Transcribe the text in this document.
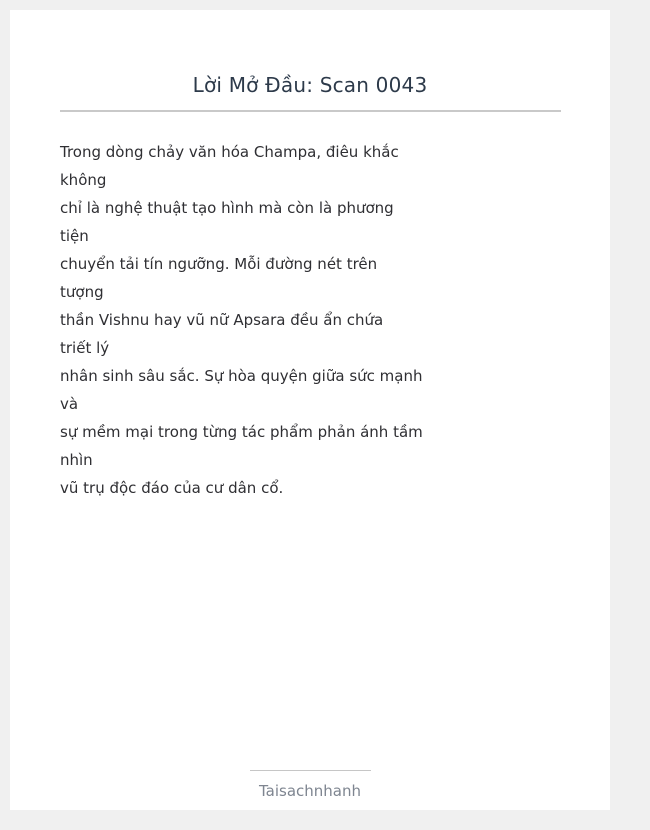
Lời Mở Đầu: Scan 0043
Trong dòng chảy văn hóa Champa, điêu khắc
không
chỉ là nghệ thuật tạo hình mà còn là phương
tiện
chuyển tải tín ngưỡng. Mỗi đường nét trên
tượng
thần Vishnu hay vũ nữ Apsara đều ẩn chứa
triết lý
nhân sinh sâu sắc. Sự hòa quyện giữa sức mạnh
và
sự mềm mại trong từng tác phẩm phản ánh tầm
nhìn
vũ trụ độc đáo của cư dân cổ.
Taisachnhanh
